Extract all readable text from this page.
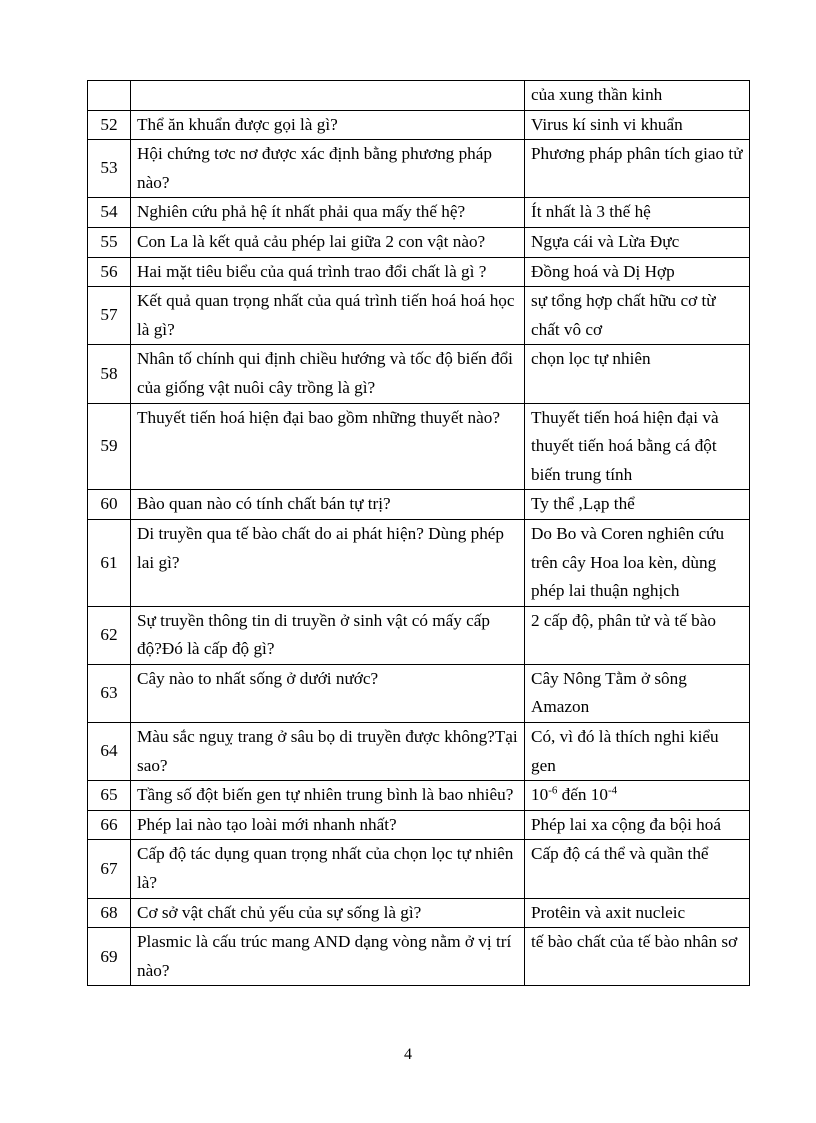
		của xung thần kinh
52	Thể ăn khuẩn được gọi là gì?	Virus kí sinh vi khuẩn
53	Hội chứng tơc nơ được xác định bằng phương pháp nào?	Phương pháp phân tích giao tử
54	Nghiên cứu phả hệ ít nhất phải qua mấy thế hệ?	Ít nhất là 3 thế hệ
55	Con La là kết quả cảu phép lai giữa 2 con vật nào?	Ngựa cái và Lừa Đực
56	Hai mặt tiêu biểu của quá trình trao đổi chất là gì ?	Đồng hoá và Dị Hợp
57	Kết quả quan trọng nhất của quá trình tiến hoá hoá học là gì?	sự tổng hợp chất hữu cơ từ chất vô cơ
58	Nhân tố chính qui định chiều hướng và tốc độ biến đổi của giống vật nuôi cây trồng là gì?	chọn lọc tự nhiên
59	Thuyết tiến hoá hiện đại bao gồm những thuyết nào?	Thuyết tiến hoá hiện đại và thuyết tiến hoá bằng cá đột biến trung tính
60	Bào quan nào có tính chất bán tự trị?	Ty thể ,Lạp thể
61	Di truyền qua tế bào chất do ai phát hiện? Dùng phép lai gì?	Do Bo và Coren nghiên cứu trên cây Hoa loa kèn, dùng phép lai thuận nghịch
62	Sự truyền thông tin di truyền ở sinh vật có mấy cấp độ?Đó là cấp độ gì?	2 cấp độ, phân tử và tế bào
63	Cây nào to nhất sống ở dưới nước?	Cây Nông Tằm ở sông Amazon
64	Màu sắc nguỵ trang ở sâu bọ di truyền được không?Tại sao?	Có, vì đó là thích nghi kiểu gen
65	Tầng số đột biến gen tự nhiên trung bình là bao nhiêu?	$10^{-6}$ đến $10^{-4}$
66	Phép lai nào tạo loài mới nhanh nhất?	Phép lai xa cộng đa bội hoá
67	Cấp độ tác dụng quan trọng nhất của chọn lọc tự nhiên là?	Cấp độ cá thể và quần thể
68	Cơ sở vật chất chủ yếu của sự sống là gì?	Protêin và axit nucleic
69	Plasmic là cấu trúc mang AND dạng vòng nằm ở vị trí nào?	tế bào chất của tế bào nhân sơ
4
